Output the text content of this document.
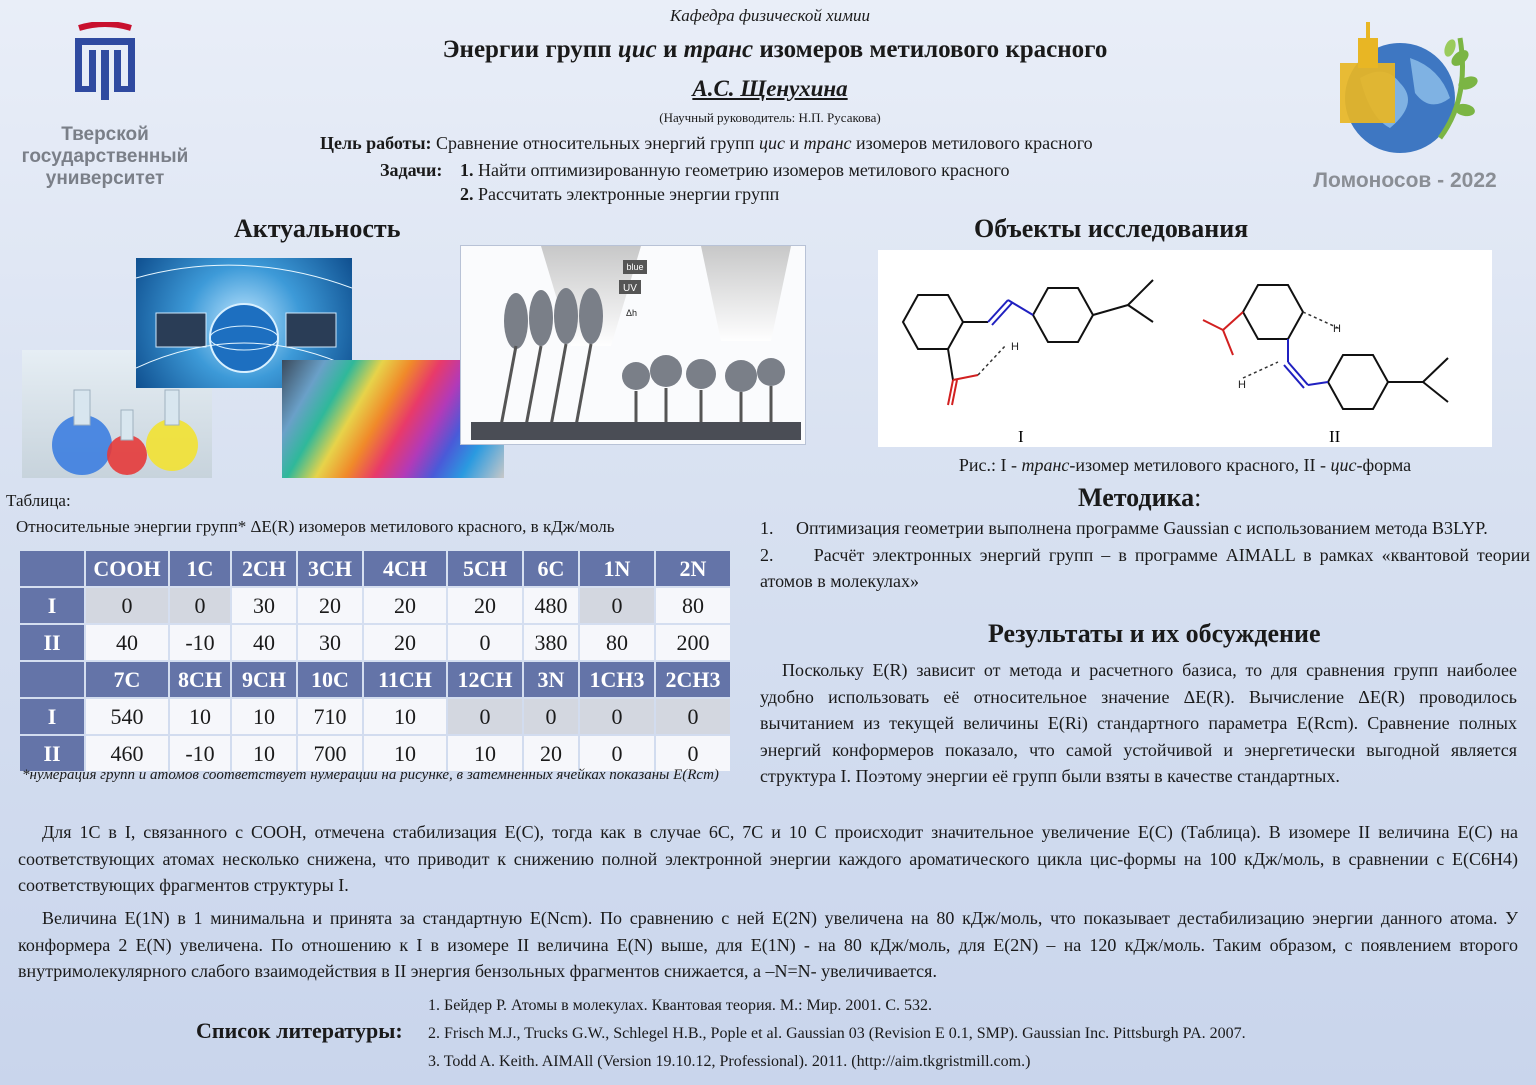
Тверской
государственный
университет	Ломоносов - 2022
Кафедра физической химии
Энергии групп цис и транс изомеров метилового красного
А.С. Щенухина
(Научный руководитель: Н.П. Русакова)
Цель работы: Сравнение относительных энергий групп цис и транс изомеров метилового красного
Задачи: 1. Найти оптимизированную геометрию изомеров метилового красного
2. Рассчитать электронные энергии групп
Актуальность	Объекты исследования
blue
UV
Δh
H
H
H
I	II
Рис.: I - транс-изомер метилового красного, II - цис-форма
Таблица:
Относительные энергии групп* ΔE(R) изомеров метилового красного, в кДж/моль
	COOH	1C	2CH	3CH	4CH	5CH	6C	1N	2N
I	0	0	30	20	20	20	480	0	80
II	40	-10	40	30	20	0	380	80	200
	7C	8CH	9CH	10C	11CH	12CH	3N	1CH3	2CH3
I	540	10	10	710	10	0	0	0	0
II	460	-10	10	700	10	10	20	0	0
*нумерация групп и атомов соответствует нумерации на рисунке, в затемненных ячейках показаны E(Rcm)
Методика:
1. Оптимизация геометрии выполнена программе Gaussian с использованием метода B3LYP.
2. Расчёт электронных энергий групп – в программе AIMALL в рамках «квантовой теории атомов в молекулах»
Результаты и их обсуждение
Поскольку E(R) зависит от метода и расчетного базиса, то для сравнения групп наиболее удобно использовать её относительное значение ΔE(R). Вычисление ΔE(R) проводилось вычитанием из текущей величины E(Ri) стандартного параметра E(Rcm). Сравнение полных энергий конформеров показало, что самой устойчивой и энергетически выгодной является структура I. Поэтому энергии её групп были взяты в качестве стандартных.
Для 1C в I, связанного с COOH, отмечена стабилизация E(C), тогда как в случае 6C, 7C и 10 C происходит значительное увеличение E(C) (Таблица). В изомере II величина E(C) на соответствующих атомах несколько снижена, что приводит к снижению полной электронной энергии каждого ароматического цикла цис-формы на 100 кДж/моль, в сравнении с E(C6H4) соответствующих фрагментов структуры I.
Величина E(1N) в 1 минимальна и принята за стандартную E(Ncm). По сравнению с ней E(2N) увеличена на 80 кДж/моль, что показывает дестабилизацию энергии данного атома. У конформера 2 E(N) увеличена. По отношению к I в изомере II величина E(N) выше, для E(1N) - на 80 кДж/моль, для E(2N) – на 120 кДж/моль. Таким образом, с появлением второго внутримолекулярного слабого взаимодействия в II энергия бензольных фрагментов снижается, а –N=N- увеличивается.
Список литературы:
1. Бейдер Р. Атомы в молекулах. Квантовая теория. М.: Мир. 2001. С. 532.
2. Frisch M.J., Trucks G.W., Schlegel H.B., Pople et al. Gaussian 03 (Revision E 0.1, SMP). Gaussian Inc. Pittsburgh PA. 2007.
3. Todd A. Keith. AIMAll (Version 19.10.12, Professional). 2011. (http://aim.tkgristmill.com.)
